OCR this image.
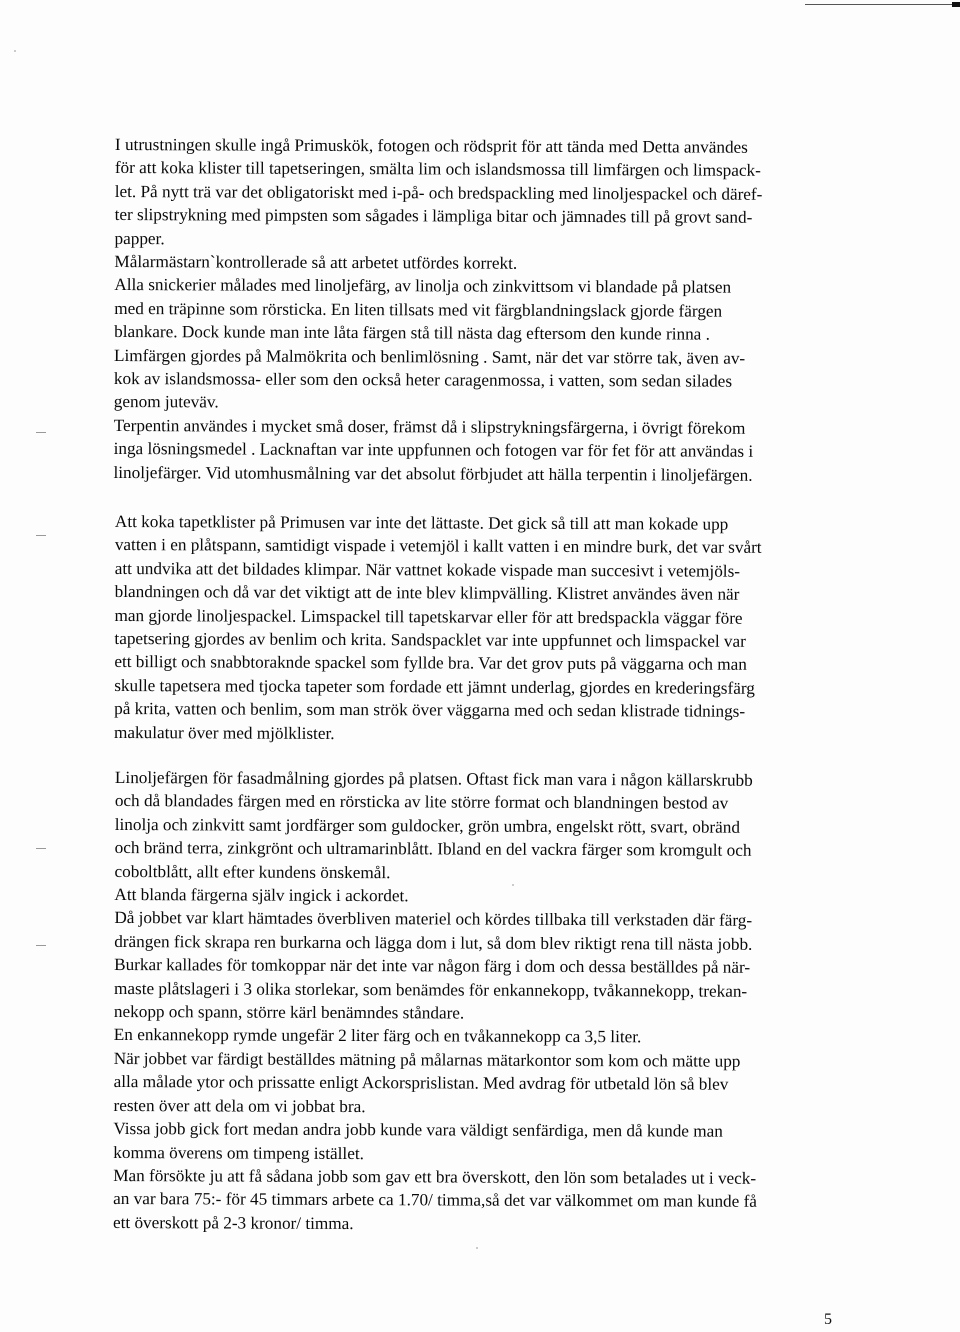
I utrustningen skulle ingå Primuskök, fotogen och rödsprit för att tända med Detta användes
för att koka klister till tapetseringen, smälta lim och islandsmossa till limfärgen och limspack-
let. På nytt trä var det obligatoriskt med i-på- och bredspackling med linoljespackel och däref-
ter slipstrykning med pimpsten som sågades i lämpliga bitar och jämnades till på grovt sand-
papper.

Målarmästarn`kontrollerade så att arbetet utfördes korrekt.

Alla snickerier målades med linoljefärg, av linolja och zinkvittsom vi blandade på platsen
med en träpinne som rörsticka. En liten tillsats med vit färgblandningslack gjorde färgen
blankare. Dock kunde man inte låta färgen stå till nästa dag eftersom den kunde rinna .

Limfärgen gjordes på Malmökrita och benlimlösning . Samt, när det var större tak, även av-
kok av islandsmossa- eller som den också heter caragenmossa, i vatten, som sedan silades
genom juteväv.

Terpentin användes i mycket små doser, främst då i slipstrykningsfärgerna, i övrigt förekom
inga lösningsmedel . Lacknaftan var inte uppfunnen och fotogen var för fet för att användas i
linoljefärger. Vid utomhusmålning var det absolut förbjudet att hälla terpentin i linoljefärgen.

Att koka tapetklister på Primusen var inte det lättaste. Det gick så till att man kokade upp
vatten i en plåtspann, samtidigt vispade i vetemjöl i kallt vatten i en mindre burk, det var svårt
att undvika att det bildades klimpar. När vattnet kokade vispade man succesivt i vetemjöls-
blandningen och då var det viktigt att de inte blev klimpvälling. Klistret användes även när
man gjorde linoljespackel. Limspackel till tapetskarvar eller för att bredspackla väggar före
tapetsering gjordes av benlim och krita. Sandspacklet var inte uppfunnet och limspackel var
ett billigt och snabbtoraknde spackel som fyllde bra. Var det grov puts på väggarna och man
skulle tapetsera med tjocka tapeter som fordade ett jämnt underlag, gjordes en krederingsfärg
på krita, vatten och benlim, som man strök över väggarna med och sedan klistrade tidnings-
makulatur över med mjölklister.

Linoljefärgen för fasadmålning gjordes på platsen. Oftast fick man vara i någon källarskrubb
och då blandades färgen med en rörsticka av lite större format och blandningen bestod av
linolja och zinkvitt samt jordfärger som guldocker, grön umbra, engelskt rött, svart, obränd
och bränd terra, zinkgrönt och ultramarinblått. Ibland en del vackra färger som kromgult och
coboltblått, allt efter kundens önskemål.

Att blanda färgerna själv ingick i ackordet.

Då jobbet var klart hämtades överbliven materiel och kördes tillbaka till verkstaden där färg-
drängen fick skrapa ren burkarna och lägga dom i lut, så dom blev riktigt rena till nästa jobb.

Burkar kallades för tomkoppar när det inte var någon färg i dom och dessa beställdes på när-
maste plåtslageri i 3 olika storlekar, som benämdes för enkannekopp, tvåkannekopp, trekan-
nekopp och spann, större kärl benämndes ståndare.

En enkannekopp rymde ungefär 2 liter färg och en tvåkannekopp ca 3,5 liter.

När jobbet var färdigt beställdes mätning på målarnas mätarkontor som kom och mätte upp
alla målade ytor och prissatte enligt Ackorsprislistan. Med avdrag för utbetald lön så blev
resten över att dela om vi jobbat bra.

Vissa jobb gick fort medan andra jobb kunde vara väldigt senfärdiga, men då kunde man
komma överens om timpeng istället.

Man försökte ju att få sådana jobb som gav ett bra överskott, den lön som betalades ut i veck-
an var bara 75:- för 45 timmars arbete ca 1.70/ timma,så det var välkommet om man kunde få
ett överskott på 2-3 kronor/ timma.

5
